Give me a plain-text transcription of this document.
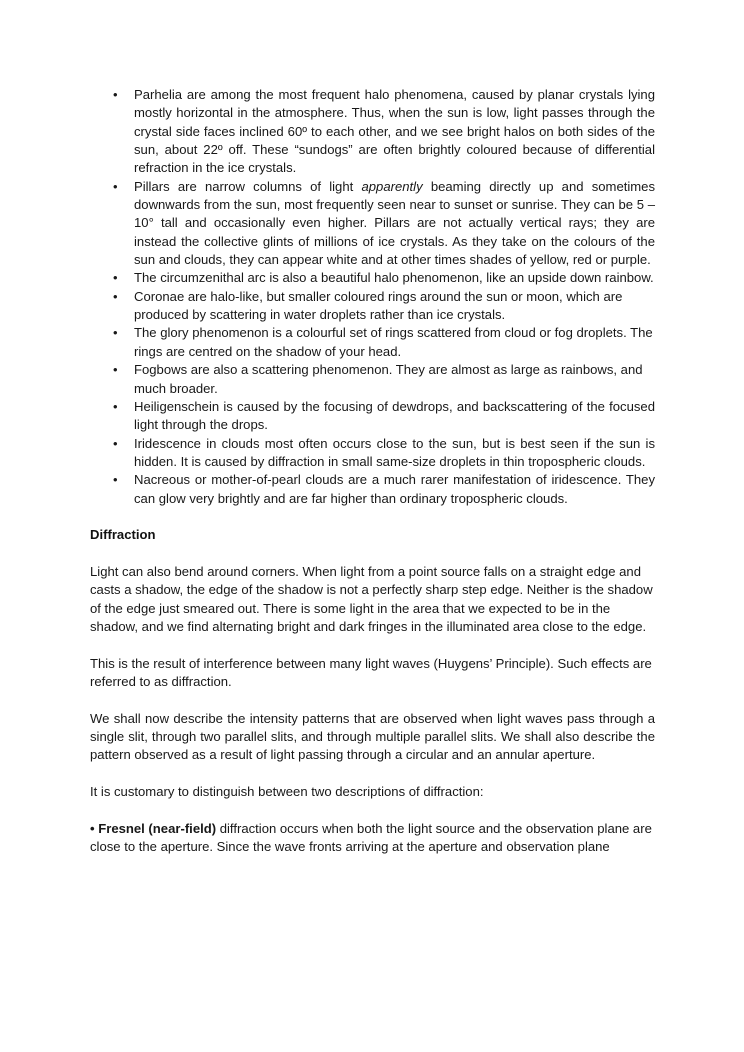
• Parhelia are among the most frequent halo phenomena, caused by planar crystals lying mostly horizontal in the atmosphere. Thus, when the sun is low, light passes through the crystal side faces inclined 60º to each other, and we see bright halos on both sides of the sun, about 22º off. These “sundogs” are often brightly coloured because of differential refraction in the ice crystals.
• Pillars are narrow columns of light apparently beaming directly up and sometimes downwards from the sun, most frequently seen near to sunset or sunrise. They can be 5 – 10° tall and occasionally even higher. Pillars are not actually vertical rays; they are instead the collective glints of millions of ice crystals. As they take on the colours of the sun and clouds, they can appear white and at other times shades of yellow, red or purple.
• The circumzenithal arc is also a beautiful halo phenomenon, like an upside down rainbow.
• Coronae are halo-like, but smaller coloured rings around the sun or moon, which are produced by scattering in water droplets rather than ice crystals.
• The glory phenomenon is a colourful set of rings scattered from cloud or fog droplets. The rings are centred on the shadow of your head.
• Fogbows are also a scattering phenomenon. They are almost as large as rainbows, and much broader.
• Heiligenschein is caused by the focusing of dewdrops, and backscattering of the focused light through the drops.
• Iridescence in clouds most often occurs close to the sun, but is best seen if the sun is hidden. It is caused by diffraction in small same-size droplets in thin tropospheric clouds.
• Nacreous or mother-of-pearl clouds are a much rarer manifestation of iridescence. They can glow very brightly and are far higher than ordinary tropospheric clouds.
Diffraction

Light can also bend around corners. When light from a point source falls on a straight edge and casts a shadow, the edge of the shadow is not a perfectly sharp step edge. Neither is the shadow of the edge just smeared out. There is some light in the area that we expected to be in the shadow, and we find alternating bright and dark fringes in the illuminated area close to the edge.

This is the result of interference between many light waves (Huygens’ Principle). Such effects are referred to as diffraction.

We shall now describe the intensity patterns that are observed when light waves pass through a single slit, through two parallel slits, and through multiple parallel slits. We shall also describe the pattern observed as a result of light passing through a circular and an annular aperture.

It is customary to distinguish between two descriptions of diffraction:

• Fresnel (near-field) diffraction occurs when both the light source and the observation plane are close to the aperture. Since the wave fronts arriving at the aperture and observation plane
